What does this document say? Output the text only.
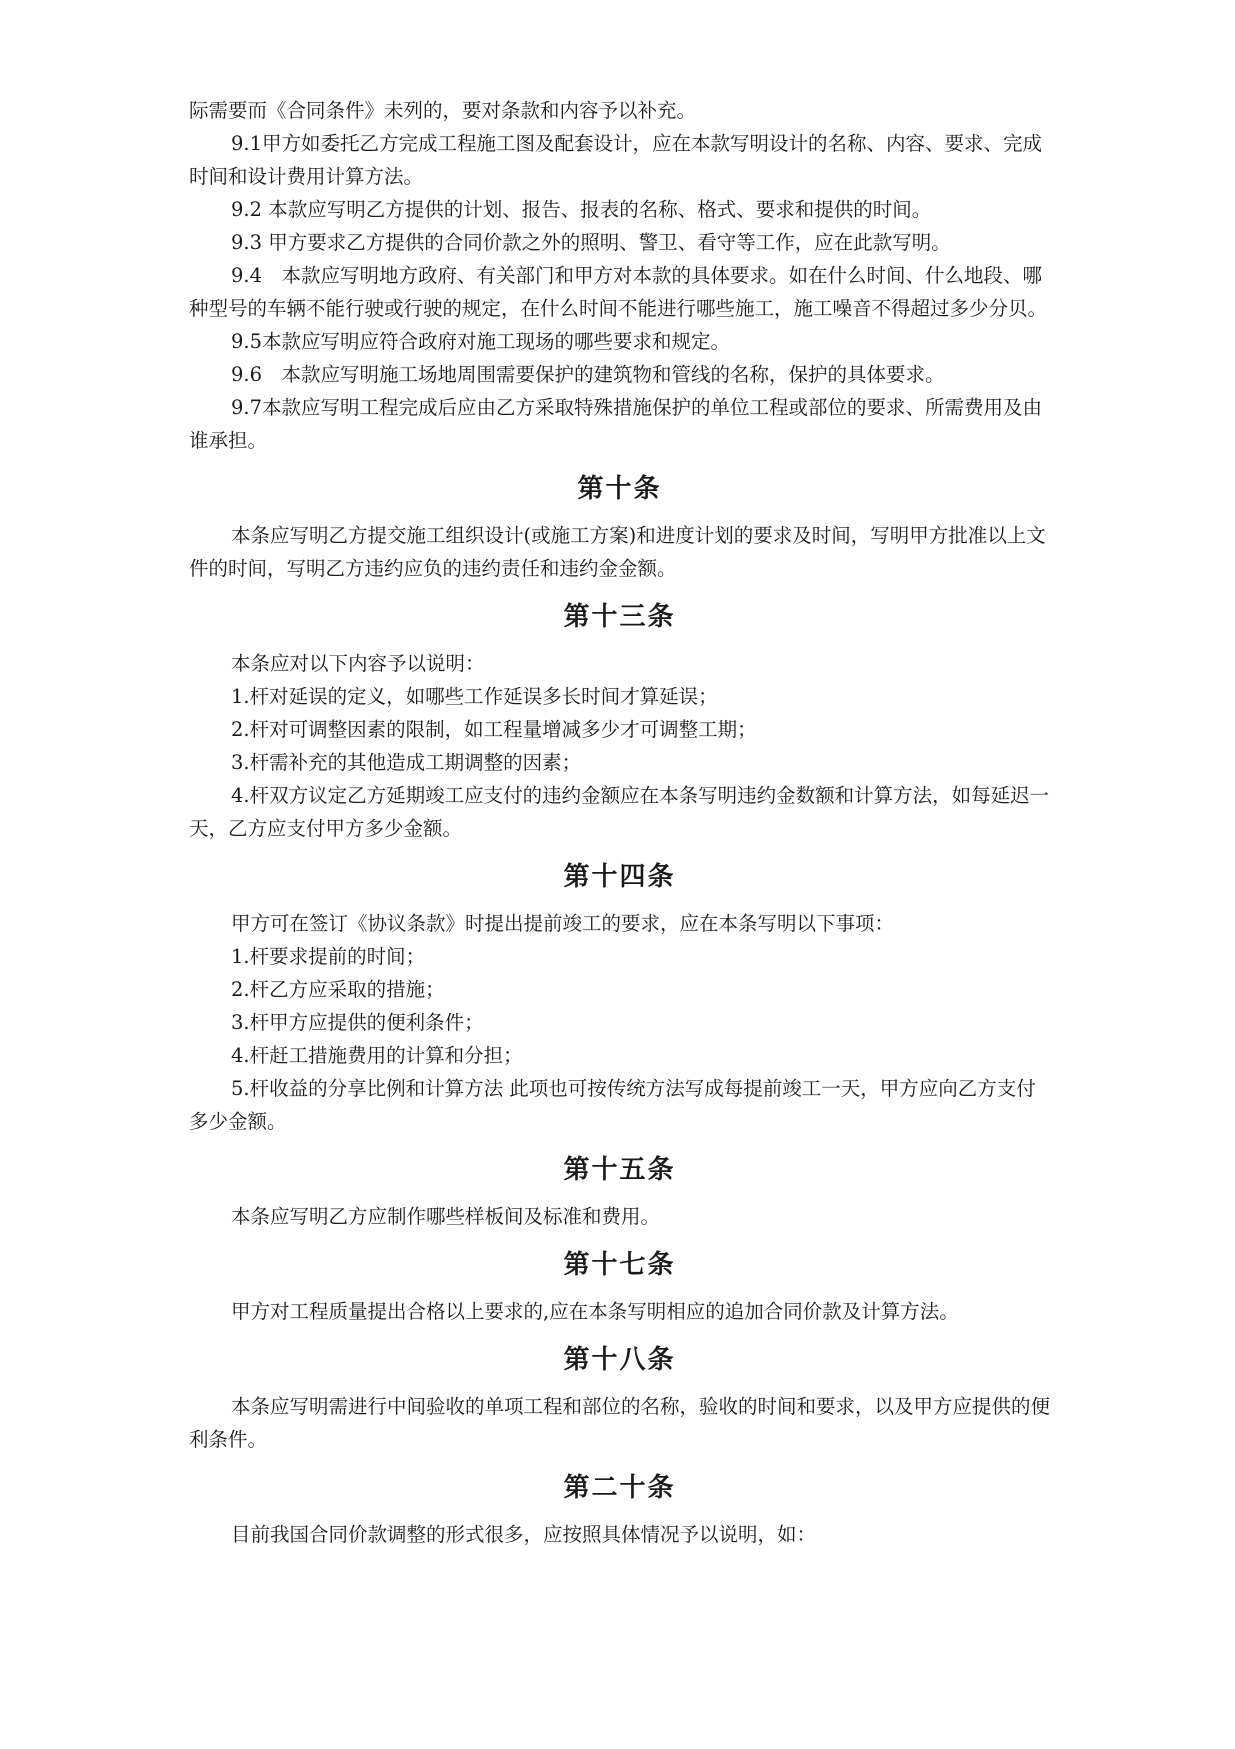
际需要而《合同条件》未列的，要对条款和内容予以补充。

9.1甲方如委托乙方完成工程施工图及配套设计，应在本款写明设计的名称、内容、要求、完成时间和设计费用计算方法。

9.2 本款应写明乙方提供的计划、报告、报表的名称、格式、要求和提供的时间。

9.3 甲方要求乙方提供的合同价款之外的照明、警卫、看守等工作，应在此款写明。

9.4　本款应写明地方政府、有关部门和甲方对本款的具体要求。如在什么时间、什么地段、哪种型号的车辆不能行驶或行驶的规定，在什么时间不能进行哪些施工，施工噪音不得超过多少分贝。

9.5本款应写明应符合政府对施工现场的哪些要求和规定。

9.6　本款应写明施工场地周围需要保护的建筑物和管线的名称，保护的具体要求。

9.7本款应写明工程完成后应由乙方采取特殊措施保护的单位工程或部位的要求、所需费用及由谁承担。

第十条

本条应写明乙方提交施工组织设计(或施工方案)和进度计划的要求及时间，写明甲方批准以上文件的时间，写明乙方违约应负的违约责任和违约金金额。

第十三条

本条应对以下内容予以说明：

1.杆对延误的定义，如哪些工作延误多长时间才算延误；

2.杆对可调整因素的限制，如工程量增减多少才可调整工期；

3.杆需补充的其他造成工期调整的因素；

4.杆双方议定乙方延期竣工应支付的违约金额应在本条写明违约金数额和计算方法，如每延迟一天，乙方应支付甲方多少金额。

第十四条

甲方可在签订《协议条款》时提出提前竣工的要求，应在本条写明以下事项：

1.杆要求提前的时间；

2.杆乙方应采取的措施；

3.杆甲方应提供的便利条件；

4.杆赶工措施费用的计算和分担；

5.杆收益的分享比例和计算方法 此项也可按传统方法写成每提前竣工一天，甲方应向乙方支付多少金额。

第十五条

本条应写明乙方应制作哪些样板间及标准和费用。

第十七条

甲方对工程质量提出合格以上要求的,应在本条写明相应的追加合同价款及计算方法。

第十八条

本条应写明需进行中间验收的单项工程和部位的名称，验收的时间和要求，以及甲方应提供的便利条件。

第二十条

目前我国合同价款调整的形式很多，应按照具体情况予以说明，如：
